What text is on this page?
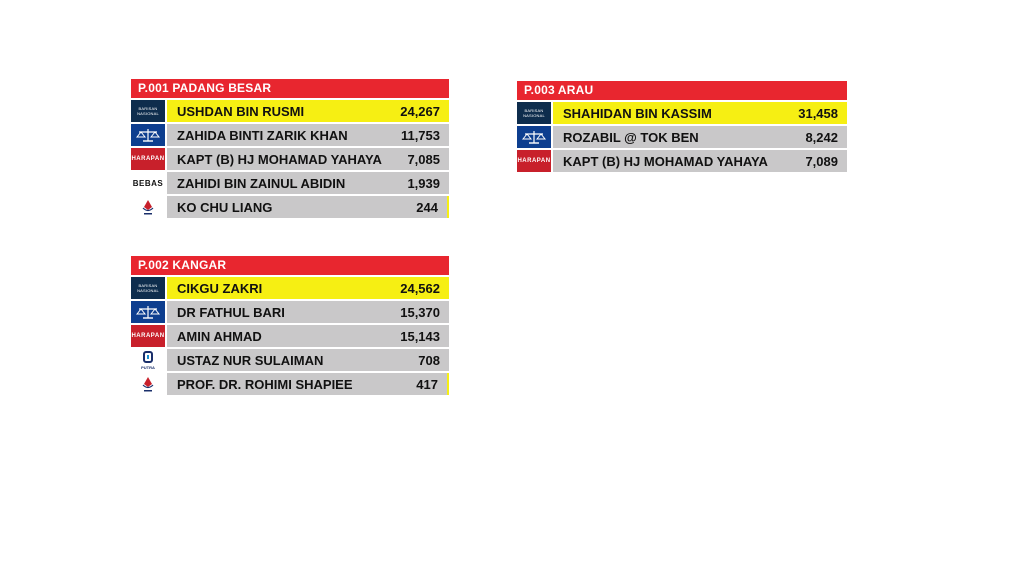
P.001 PADANG BESAR
BARISAN NASIONAL	USHDAN BIN RUSMI	24,267
ZAHIDA BINTI ZARIK KHAN	11,753
HARAPAN KAPT (B) HJ MOHAMAD YAHAYA 7,085
BEBAS ZAHIDI BIN ZAINUL ABIDIN	1,939
KO CHU LIANG	244
P.002 KANGAR
BARISAN NASIONAL	CIKGU ZAKRI	24,562
DR FATHUL BARI	15,370
HARAPAN AMIN AHMAD	15,143
PUTRA USTAZ NUR SULAIMAN	708
PROF. DR. ROHIMI SHAPIEE	417
P.003 ARAU
BARISAN NASIONAL	SHAHIDAN BIN KASSIM	31,458
ROZABIL @ TOK BEN	8,242
HARAPAN KAPT (B) HJ MOHAMAD YAHAYA	7,089
